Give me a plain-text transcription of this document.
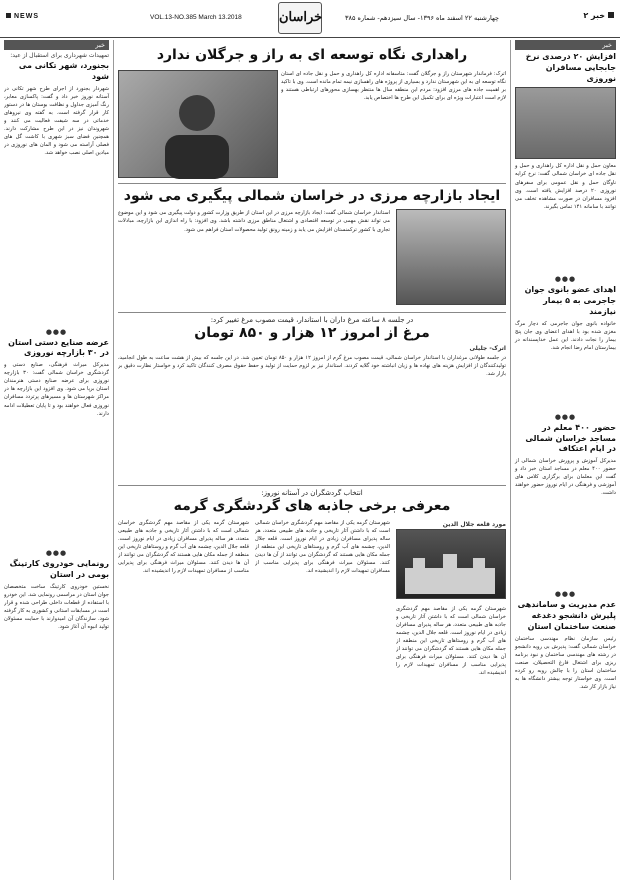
NEWS	VOL.13-NO.385 March 13.2018	خراسان	چهارشنبه ۲۲ اسفند ماه ۱۳۹۶- سال سیزدهم- شماره ۳۸۵	خبر ۲
خبر
تمهیدات شهرداری برای استقبال از عید:
بجنورد، شهر تکانی می شود
شهردار بجنورد از اجرای طرح شهر تکانی در آستانه نوروز خبر داد و گفت: پاکسازی معابر، رنگ آمیزی جداول و نظافت بوستان ها در دستور کار قرار گرفته است. به گفته وی نیروهای خدماتی در سه شیفت فعالیت می کنند و شهروندان نیز در این طرح مشارکت دارند. همچنین فضای سبز شهری با کاشت گل های فصلی آراسته می شود و المان های نوروزی در میادین اصلی نصب خواهد شد.
●●●
عرضه صنایع دستی استان در ۳۰ بازارچه نوروزی
مدیرکل میراث فرهنگی، صنایع دستی و گردشگری خراسان شمالی گفت: ۳۰ بازارچه نوروزی برای عرضه صنایع دستی هنرمندان استان برپا می شود. وی افزود این بازارچه ها در مراکز شهرستان ها و مسیرهای پرتردد مسافران نوروزی فعال خواهند بود و تا پایان تعطیلات ادامه دارند.
●●●
رونمایی خودروی کارتینگ بومی در استان
نخستین خودروی کارتینگ ساخت متخصصان جوان استان در مراسمی رونمایی شد. این خودرو با استفاده از قطعات داخلی طراحی شده و قرار است در مسابقات استانی و کشوری به کار گرفته شود. سازندگان آن امیدوارند با حمایت مسئولان تولید انبوه آن آغاز شود.
خبر
افزایش ۲۰ درصدی نرخ جابجایی مسافران نوروزی
معاون حمل و نقل اداره کل راهداری و حمل و نقل جاده ای خراسان شمالی گفت: نرخ کرایه ناوگان حمل و نقل عمومی برای سفرهای نوروزی ۲۰ درصد افزایش یافته است. وی افزود مسافران در صورت مشاهده تخلف می توانند با سامانه ۱۴۱ تماس بگیرند.
●●●
اهدای عضو بانوی جوان جاجرمی به ۵ بیمار نیازمند
خانواده بانوی جوان جاجرمی که دچار مرگ مغزی شده بود با اهدای اعضای وی جان پنج بیمار را نجات دادند. این عمل خداپسندانه در بیمارستان امام رضا انجام شد.
●●●
حضور ۴۰۰ معلم در مساجد خراسان شمالی در ایام اعتکاف
مدیرکل آموزش و پرورش خراسان شمالی از حضور ۴۰۰ معلم در مساجد استان خبر داد و گفت این معلمان برای برگزاری کلاس های آموزشی و فرهنگی در ایام نوروز حضور خواهند داشت.
●●●
عدم مدیریت و ساماندهی پلیرش دانشجو دغدغه صنعت ساختمان استان
رئیس سازمان نظام مهندسی ساختمان خراسان شمالی گفت: پذیرش بی رویه دانشجو در رشته های مهندسی ساختمان و نبود برنامه ریزی برای اشتغال فارغ التحصیلان، صنعت ساختمان استان را با چالش روبه رو کرده است. وی خواستار توجه بیشتر دانشگاه ها به نیاز بازار کار شد.
راهداری نگاه توسعه ای به راز و جرگلان ندارد
اترک: فرماندار شهرستان راز و جرگلان گفت: متاسفانه اداره کل راهداری و حمل و نقل جاده ای استان نگاه توسعه ای به این شهرستان ندارد و بسیاری از پروژه های راهسازی نیمه تمام مانده است. وی با تاکید بر اهمیت جاده های مرزی افزود: مردم این منطقه سال ها منتظر بهسازی محورهای ارتباطی هستند و لازم است اعتبارات ویژه ای برای تکمیل این طرح ها اختصاص یابد.
ایجاد بازارچه مرزی در خراسان شمالی پیگیری می شود
استاندار خراسان شمالی گفت: ایجاد بازارچه مرزی در این استان از طریق وزارت کشور و دولت پیگیری می شود و این موضوع می تواند نقش مهمی در توسعه اقتصادی و اشتغال مناطق مرزی داشته باشد. وی افزود: با راه اندازی این بازارچه، مبادلات تجاری با کشور ترکمنستان افزایش می یابد و زمینه رونق تولید محصولات استان فراهم می شود.
در جلسه ۸ ساعته مرغ داران با استاندار، قیمت مصوب مرغ تغییر کرد:
مرغ از امروز ۱۲ هزار و ۸۵۰ تومان
اترک- جلیلی
در جلسه طولانی مرغداران با استاندار خراسان شمالی، قیمت مصوب مرغ گرم از امروز ۱۲ هزار و ۸۵۰ تومان تعیین شد. در این جلسه که بیش از هشت ساعت به طول انجامید، تولیدکنندگان از افزایش هزینه های نهاده ها و زیان انباشته خود گلایه کردند. استاندار نیز بر لزوم حمایت از تولید و حفظ حقوق مصرف کنندگان تاکید کرد و خواستار نظارت دقیق بر بازار شد.
انتخاب گردشگران در آستانه نوروز:
معرفی برخی جاذبه های گردشگری گرمه
مورد قلعه جلال الدین
شهرستان گرمه یکی از مقاصد مهم گردشگری خراسان شمالی است که با داشتن آثار تاریخی و جاذبه های طبیعی متعدد، هر ساله پذیرای مسافران زیادی در ایام نوروز است. قلعه جلال الدین، چشمه های آب گرم و روستاهای تاریخی این منطقه از جمله مکان هایی هستند که گردشگران می توانند از آن ها دیدن کنند. مسئولان میراث فرهنگی برای پذیرایی مناسب از مسافران تمهیدات لازم را اندیشیده اند.
شهرستان گرمه یکی از مقاصد مهم گردشگری خراسان شمالی است که با داشتن آثار تاریخی و جاذبه های طبیعی متعدد، هر ساله پذیرای مسافران زیادی در ایام نوروز است. قلعه جلال الدین، چشمه های آب گرم و روستاهای تاریخی این منطقه از جمله مکان هایی هستند که گردشگران می توانند از آن ها دیدن کنند. مسئولان میراث فرهنگی برای پذیرایی مناسب از مسافران تمهیدات لازم را اندیشیده اند.
شهرستان گرمه یکی از مقاصد مهم گردشگری خراسان شمالی است که با داشتن آثار تاریخی و جاذبه های طبیعی متعدد، هر ساله پذیرای مسافران زیادی در ایام نوروز است. قلعه جلال الدین، چشمه های آب گرم و روستاهای تاریخی این منطقه از جمله مکان هایی هستند که گردشگران می توانند از آن ها دیدن کنند. مسئولان میراث فرهنگی برای پذیرایی مناسب از مسافران تمهیدات لازم را اندیشیده اند.
